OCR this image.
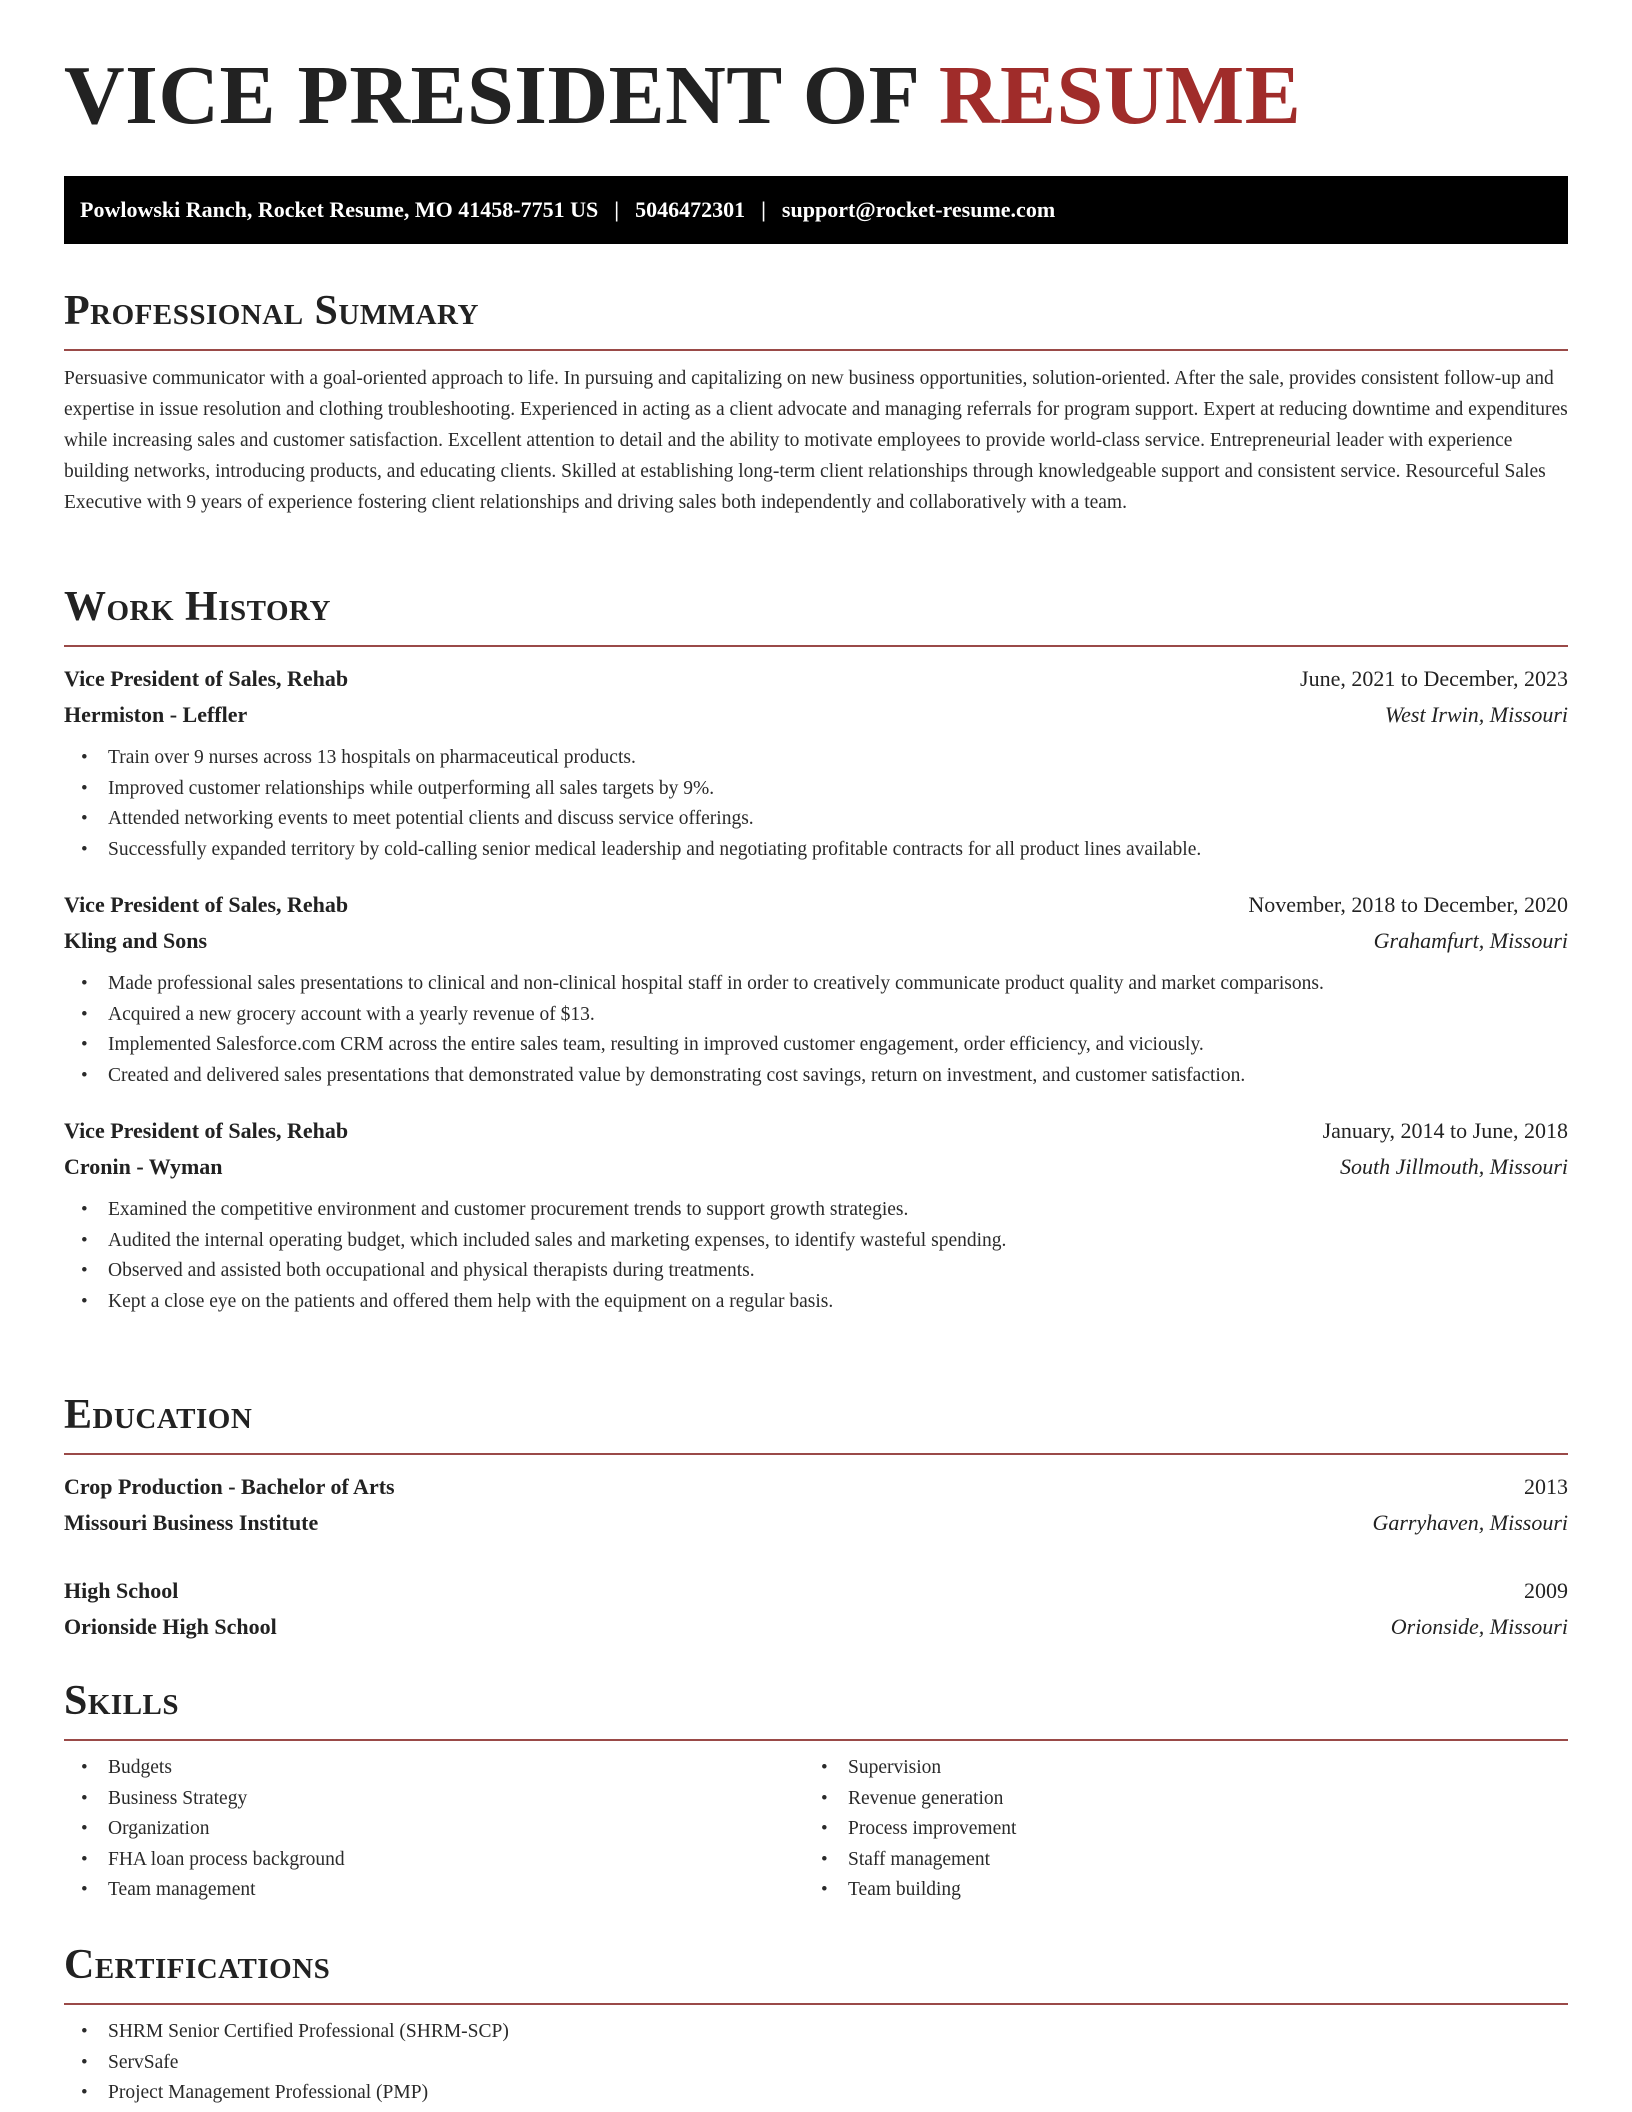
VICE PRESIDENT OF RESUME
Powlowski Ranch, Rocket Resume, MO 41458-7751 US | 5046472301 | support@rocket-resume.com
Professional Summary
Persuasive communicator with a goal-oriented approach to life. In pursuing and capitalizing on new business opportunities, solution-oriented. After the sale, provides consistent follow-up and expertise in issue resolution and clothing troubleshooting. Experienced in acting as a client advocate and managing referrals for program support. Expert at reducing downtime and expenditures while increasing sales and customer satisfaction. Excellent attention to detail and the ability to motivate employees to provide world-class service. Entrepreneurial leader with experience building networks, introducing products, and educating clients. Skilled at establishing long-term client relationships through knowledgeable support and consistent service. Resourceful Sales Executive with 9 years of experience fostering client relationships and driving sales both independently and collaboratively with a team.
Work History
Vice President of Sales, Rehab	June, 2021 to December, 2023
Hermiston - Leffler	West Irwin, Missouri
• Train over 9 nurses across 13 hospitals on pharmaceutical products.
• Improved customer relationships while outperforming all sales targets by 9%.
• Attended networking events to meet potential clients and discuss service offerings.
• Successfully expanded territory by cold-calling senior medical leadership and negotiating profitable contracts for all product lines available.
Vice President of Sales, Rehab	November, 2018 to December, 2020
Kling and Sons	Grahamfurt, Missouri
• Made professional sales presentations to clinical and non-clinical hospital staff in order to creatively communicate product quality and market comparisons.
• Acquired a new grocery account with a yearly revenue of $13.
• Implemented Salesforce.com CRM across the entire sales team, resulting in improved customer engagement, order efficiency, and viciously.
• Created and delivered sales presentations that demonstrated value by demonstrating cost savings, return on investment, and customer satisfaction.
Vice President of Sales, Rehab	January, 2014 to June, 2018
Cronin - Wyman	South Jillmouth, Missouri
• Examined the competitive environment and customer procurement trends to support growth strategies.
• Audited the internal operating budget, which included sales and marketing expenses, to identify wasteful spending.
• Observed and assisted both occupational and physical therapists during treatments.
• Kept a close eye on the patients and offered them help with the equipment on a regular basis.
Education
Crop Production - Bachelor of Arts	2013
Missouri Business Institute	Garryhaven, Missouri
High School	2009
Orionside High School	Orionside, Missouri
Skills
• Budgets
• Business Strategy
• Organization
• FHA loan process background
• Team management
• Supervision
• Revenue generation
• Process improvement
• Staff management
• Team building
Certifications
• SHRM Senior Certified Professional (SHRM-SCP)
• ServSafe
• Project Management Professional (PMP)
